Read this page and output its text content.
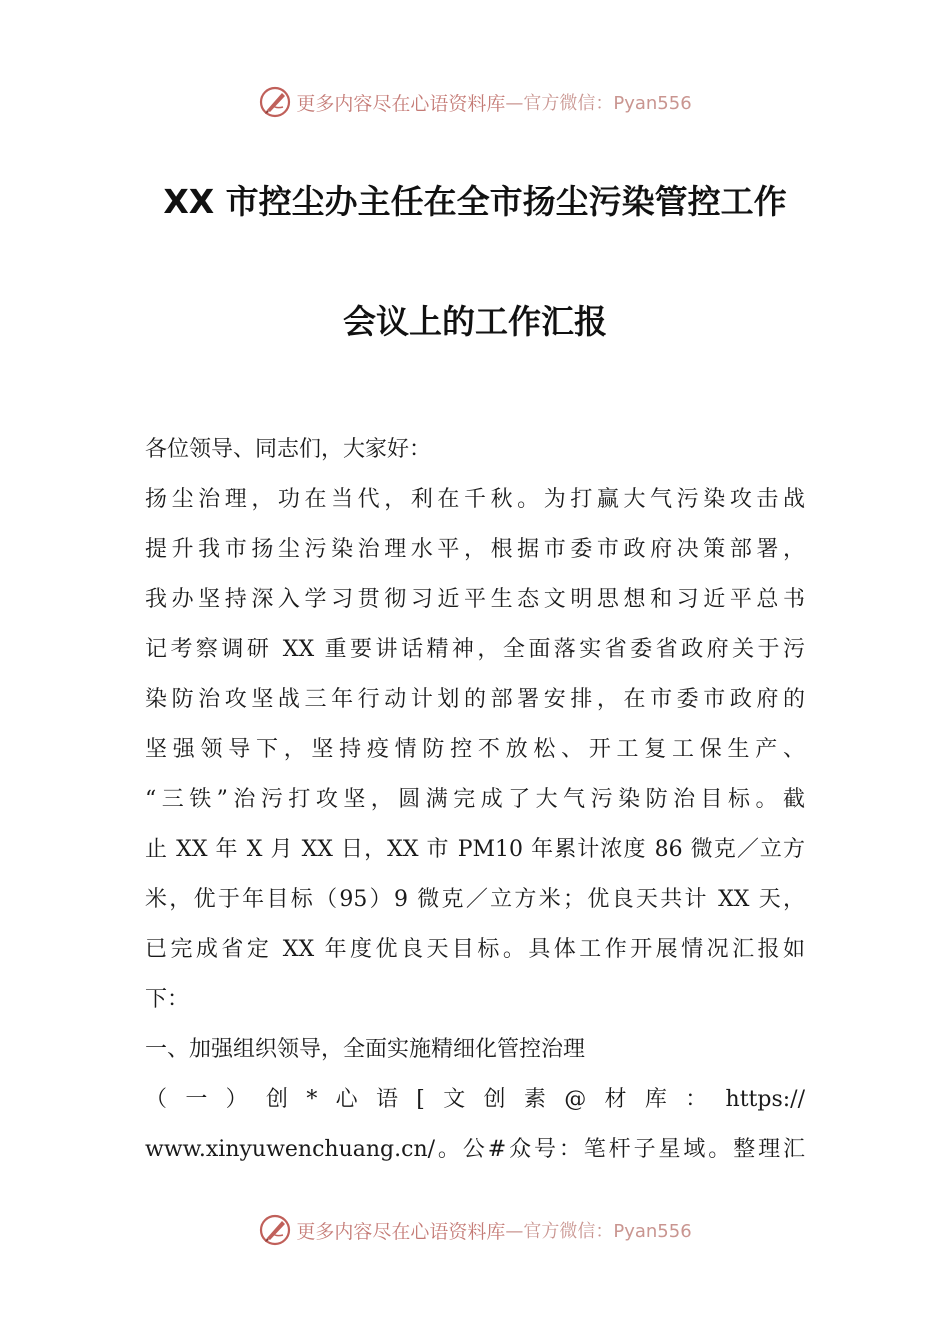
更多内容尽在心语资料库 —官方微信：Pyan556
XX 市控尘办主任在全市扬尘污染管控工作
会议上的工作汇报
各位领导、同志们，大家好：
扬尘治理，功在当代，利在千秋。为打赢大气污染攻击战
提升我市扬尘污染治理水平，根据市委市政府决策部署，
我办坚持深入学习贯彻习近平生态文明思想和习近平总书
记考察调研 XX 重要讲话精神，全面落实省委省政府关于污
染防治攻坚战三年行动计划的部署安排，在市委市政府的
坚强领导下，坚持疫情防控不放松、开工复工保生产、
“三铁”治污打攻坚，圆满完成了大气污染防治目标。截
止 XX 年 X 月 XX 日，XX 市 PM10 年累计浓度 86 微克／立方
米，优于年目标（95）9 微克／立方米；优良天共计 XX 天，
已完成省定 XX 年度优良天目标。具体工作开展情况汇报如
下：
一、加强组织领导，全面实施精细化管控治理
（一）创*心语[文创素@材库：https://
www.xinyuwenchuang.cn/。公#众号：笔杆子星域。整理汇
更多内容尽在心语资料库 —官方微信：Pyan556
